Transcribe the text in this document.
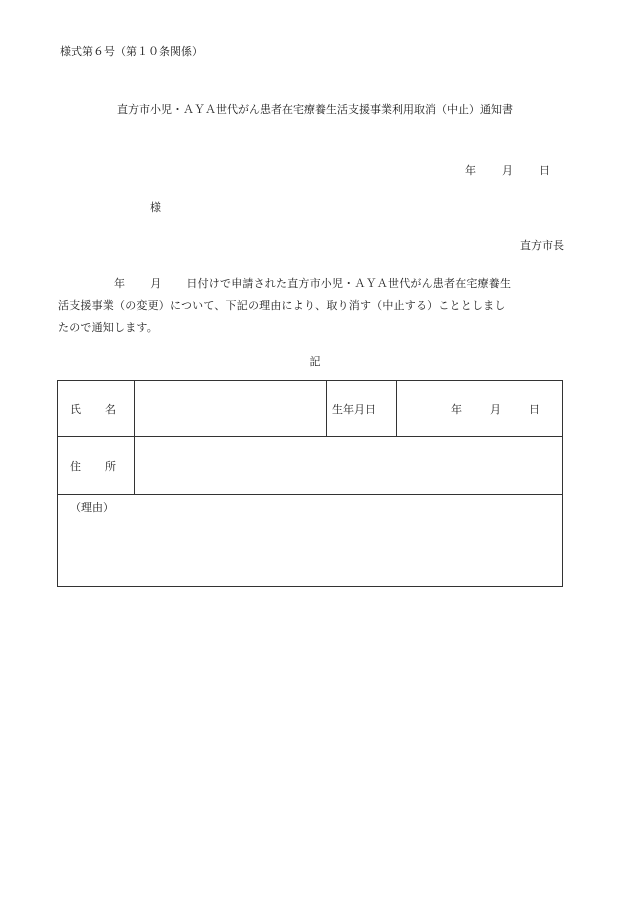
様式第６号（第１０条関係）
直方市小児・ＡＹＡ世代がん患者在宅療養生活支援事業利用取消（中止）通知書
年 月 日
様
直方市長
年 月 日付けで申請された直方市小児・ＡＹＡ世代がん患者在宅療養生
活支援事業（の変更）について、下記の理由により、取り消す（中止する）こととしまし
たので通知します。
記
氏 名		生年月日	年 月 日
住 所			
（理由）			
